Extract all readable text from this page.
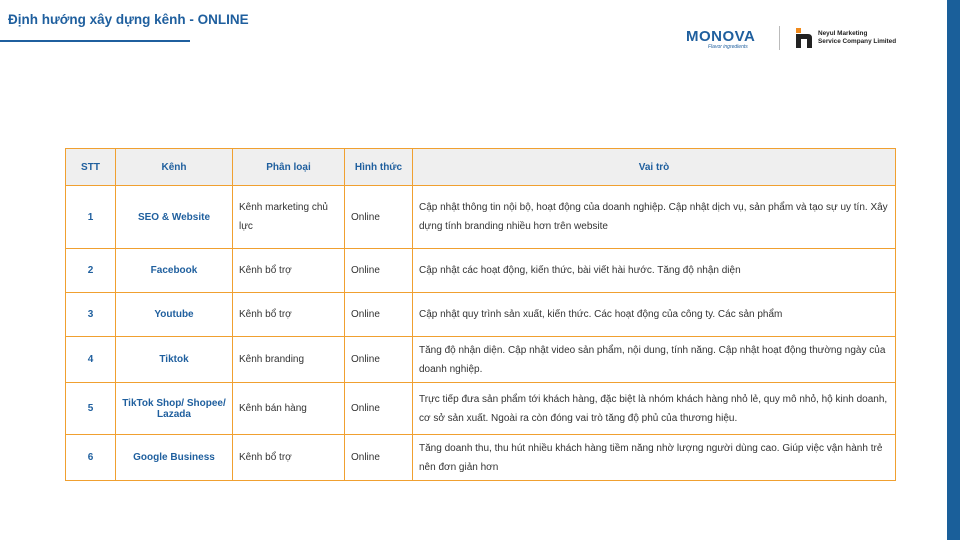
Định hướng xây dựng kênh - ONLINE
MONOVA
Flavor ingredients
Neyul Marketing
Service Company Limited
STT	Kênh	Phân loại	Hình thức	Vai trò
1	SEO & Website	Kênh marketing chủ lực	Online	Cập nhật thông tin nội bộ, hoạt động của doanh nghiệp. Cập nhật dịch vụ, sản phẩm và tạo sự uy tín. Xây dựng tính branding nhiều hơn trên website
2	Facebook	Kênh bổ trợ	Online	Cập nhật các hoạt động, kiến thức, bài viết hài hước. Tăng độ nhận diện
3	Youtube	Kênh bổ trợ	Online	Cập nhật quy trình sản xuất, kiến thức. Các hoạt động của công ty. Các sản phẩm
4	Tiktok	Kênh branding	Online	Tăng độ nhận diện. Cập nhật video sản phẩm, nội dung, tính năng. Cập nhật hoạt động thường ngày của doanh nghiệp.
5	TikTok Shop/ Shopee/ Lazada	Kênh bán hàng	Online	Trực tiếp đưa sản phẩm tới khách hàng, đặc biệt là nhóm khách hàng nhỏ lẻ, quy mô nhỏ, hộ kinh doanh, cơ sở sản xuất. Ngoài ra còn đóng vai trò tăng độ phủ của thương hiệu.
6	Google Business	Kênh bổ trợ	Online	Tăng doanh thu, thu hút nhiều khách hàng tiềm năng nhờ lượng người dùng cao. Giúp việc vận hành trẻ nên đơn giản hơn
